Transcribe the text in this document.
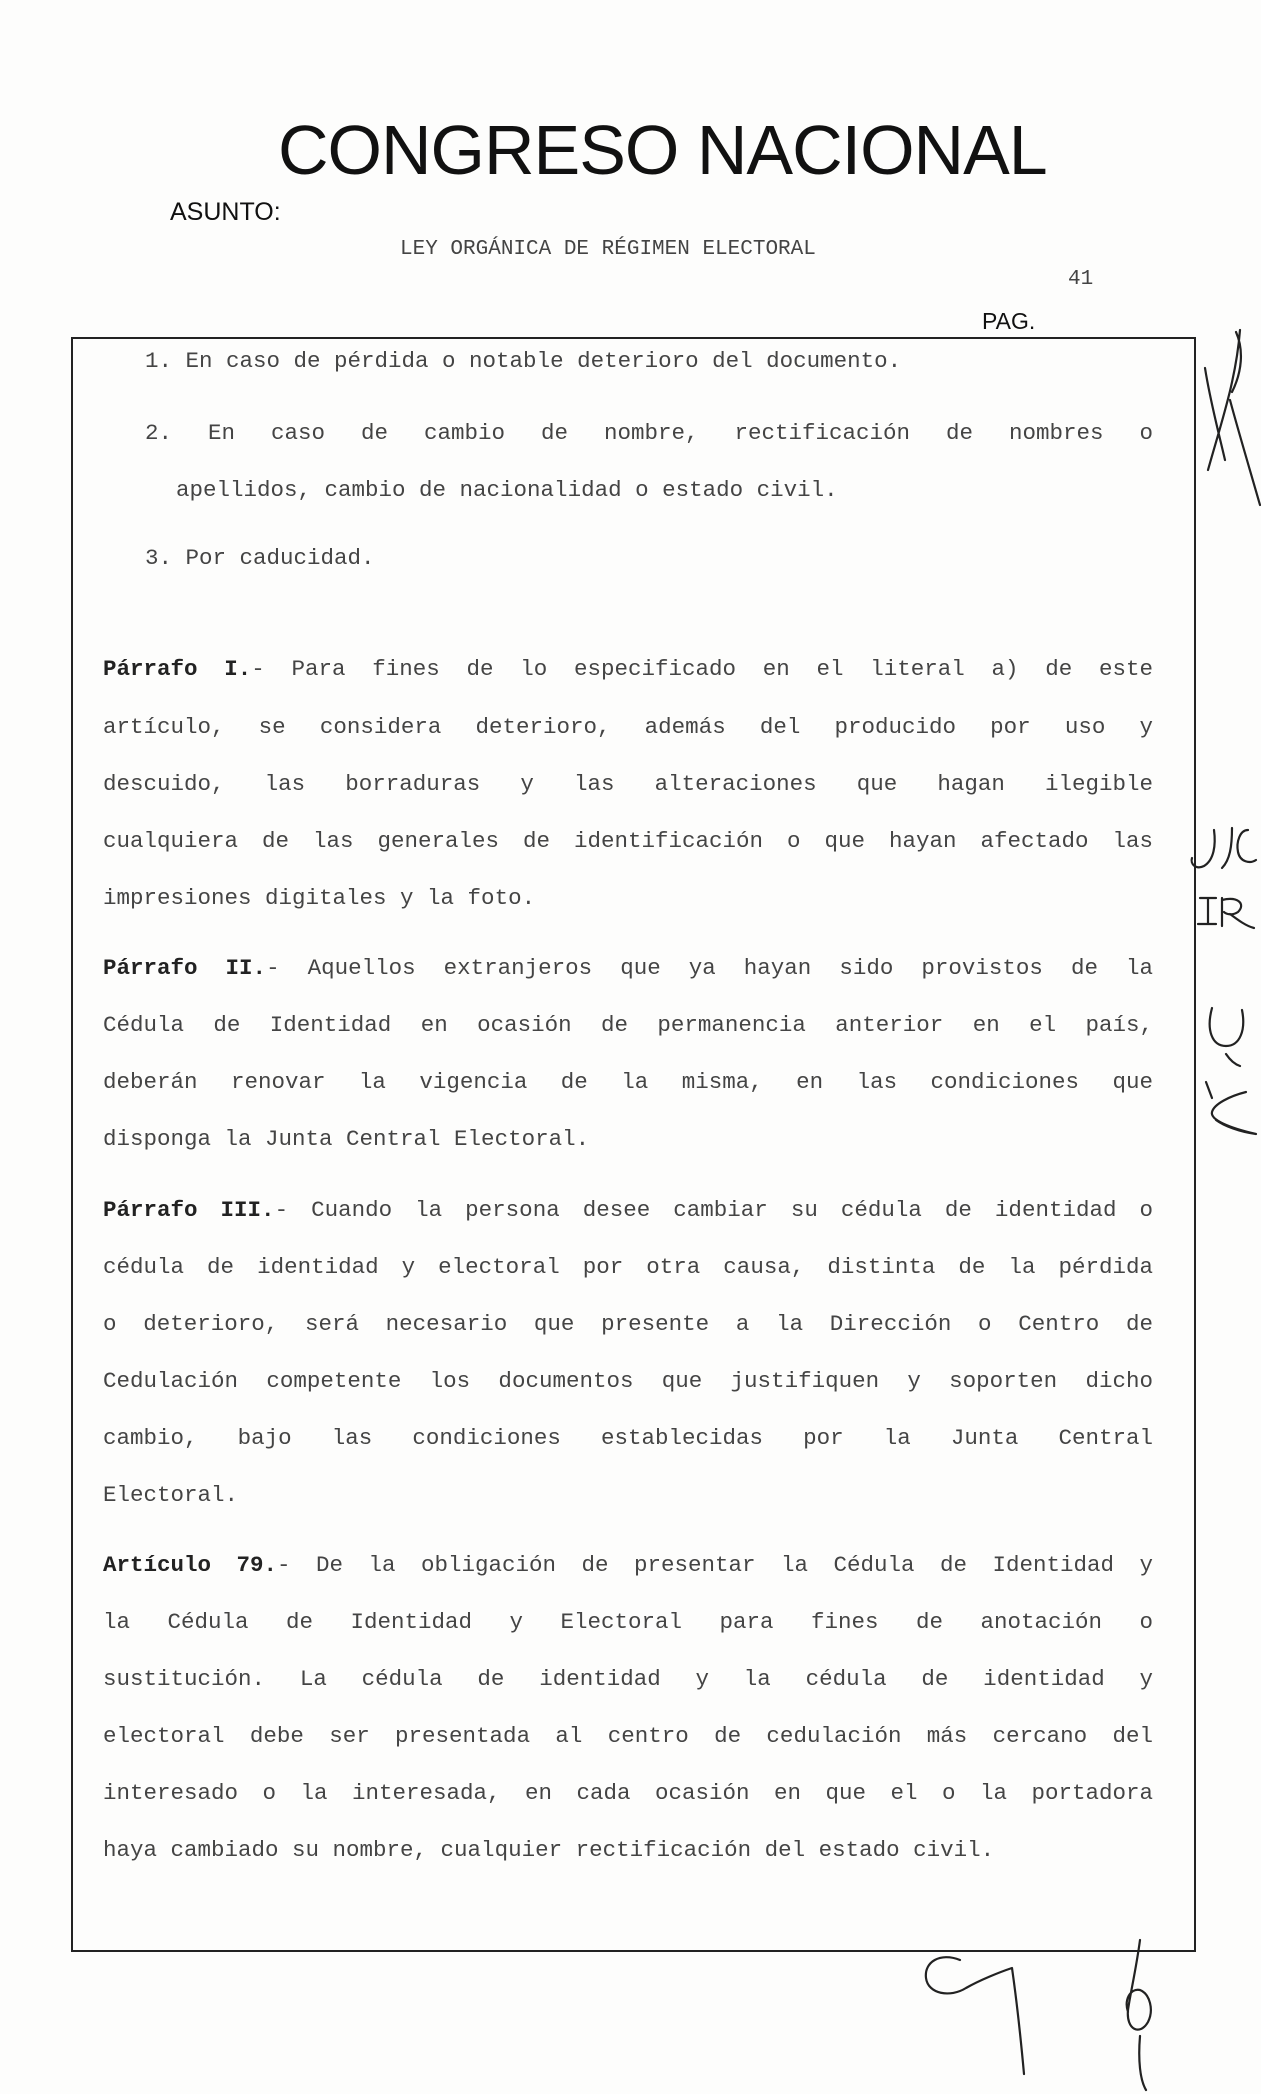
CONGRESO NACIONAL
ASUNTO:
LEY ORGÁNICA DE RÉGIMEN ELECTORAL
41
PAG.
1. En caso de pérdida o notable deterioro del documento.
2. En caso de cambio de nombre, rectificación de nombres o
apellidos, cambio de nacionalidad o estado civil.
3. Por caducidad.
Párrafo I.- Para fines de lo especificado en el literal a) de este
artículo, se considera deterioro, además del producido por uso y
descuido, las borraduras y las alteraciones que hagan ilegible
cualquiera de las generales de identificación o que hayan afectado las
impresiones digitales y la foto.
Párrafo II.- Aquellos extranjeros que ya hayan sido provistos de la
Cédula de Identidad en ocasión de permanencia anterior en el país,
deberán renovar la vigencia de la misma, en las condiciones que
disponga la Junta Central Electoral.
Párrafo III.- Cuando la persona desee cambiar su cédula de identidad o
cédula de identidad y electoral por otra causa, distinta de la pérdida
o deterioro, será necesario que presente a la Dirección o Centro de
Cedulación competente los documentos que justifiquen y soporten dicho
cambio, bajo las condiciones establecidas por la Junta Central
Electoral.
Artículo 79.- De la obligación de presentar la Cédula de Identidad y
la Cédula de Identidad y Electoral para fines de anotación o
sustitución. La cédula de identidad y la cédula de identidad y
electoral debe ser presentada al centro de cedulación más cercano del
interesado o la interesada, en cada ocasión en que el o la portadora
haya cambiado su nombre, cualquier rectificación del estado civil.
